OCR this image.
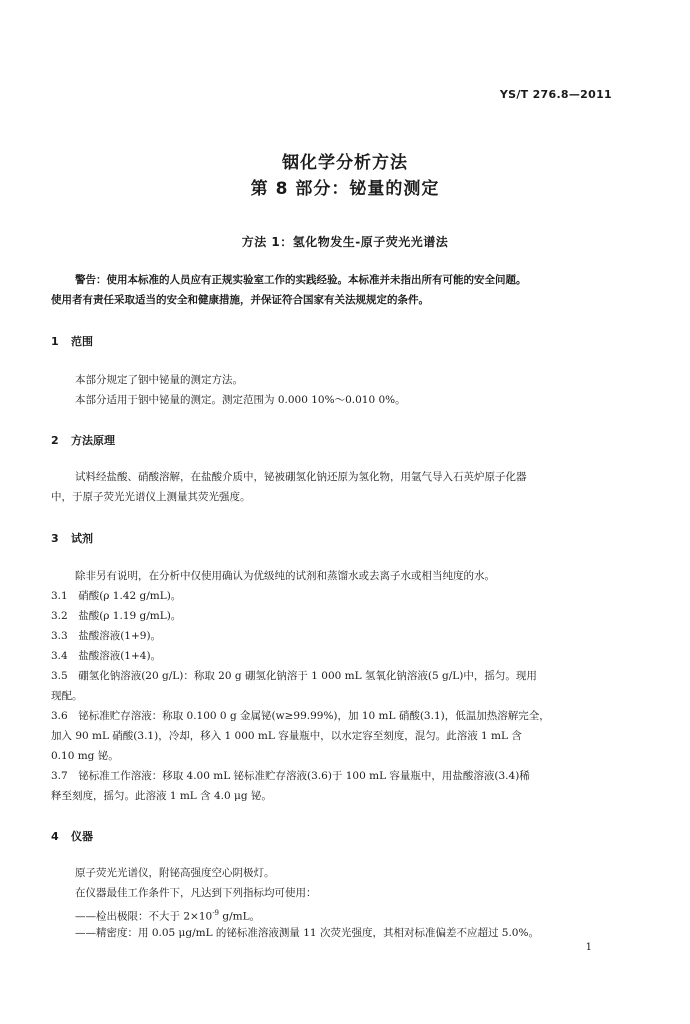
YS/T 276.8—2011
铟化学分析方法
第 8 部分：铋量的测定
方法 1：氢化物发生-原子荧光光谱法
警告：使用本标准的人员应有正规实验室工作的实践经验。本标准并未指出所有可能的安全问题。
使用者有责任采取适当的安全和健康措施，并保证符合国家有关法规规定的条件。
1 范围
本部分规定了铟中铋量的测定方法。
本部分适用于铟中铋量的测定。测定范围为 0.000 10%～0.010 0%。
2 方法原理
试料经盐酸、硝酸溶解，在盐酸介质中，铋被硼氢化钠还原为氢化物，用氩气导入石英炉原子化器
中，于原子荧光光谱仪上测量其荧光强度。
3 试剂
除非另有说明，在分析中仅使用确认为优级纯的试剂和蒸馏水或去离子水或相当纯度的水。
3.1　硝酸(ρ 1.42 g/mL)。
3.2　盐酸(ρ 1.19 g/mL)。
3.3　盐酸溶液(1+9)。
3.4　盐酸溶液(1+4)。
3.5　硼氢化钠溶液(20 g/L)：称取 20 g 硼氢化钠溶于 1 000 mL 氢氧化钠溶液(5 g/L)中，摇匀。现用
现配。
3.6　铋标准贮存溶液：称取 0.100 0 g 金属铋(w≥99.99%)，加 10 mL 硝酸(3.1)，低温加热溶解完全，
加入 90 mL 硝酸(3.1)，冷却，移入 1 000 mL 容量瓶中，以水定容至刻度，混匀。此溶液 1 mL 含
0.10 mg 铋。
3.7　铋标准工作溶液：移取 4.00 mL 铋标准贮存溶液(3.6)于 100 mL 容量瓶中，用盐酸溶液(3.4)稀
释至刻度，摇匀。此溶液 1 mL 含 4.0 μg 铋。
4 仪器
原子荧光光谱仪，附铋高强度空心阴极灯。
在仪器最佳工作条件下，凡达到下列指标均可使用：
——检出极限：不大于 $2\times 10^{-9}$ g/mL。
——精密度：用 0.05 μg/mL 的铋标准溶液测量 11 次荧光强度，其相对标准偏差不应超过 5.0%。
1
